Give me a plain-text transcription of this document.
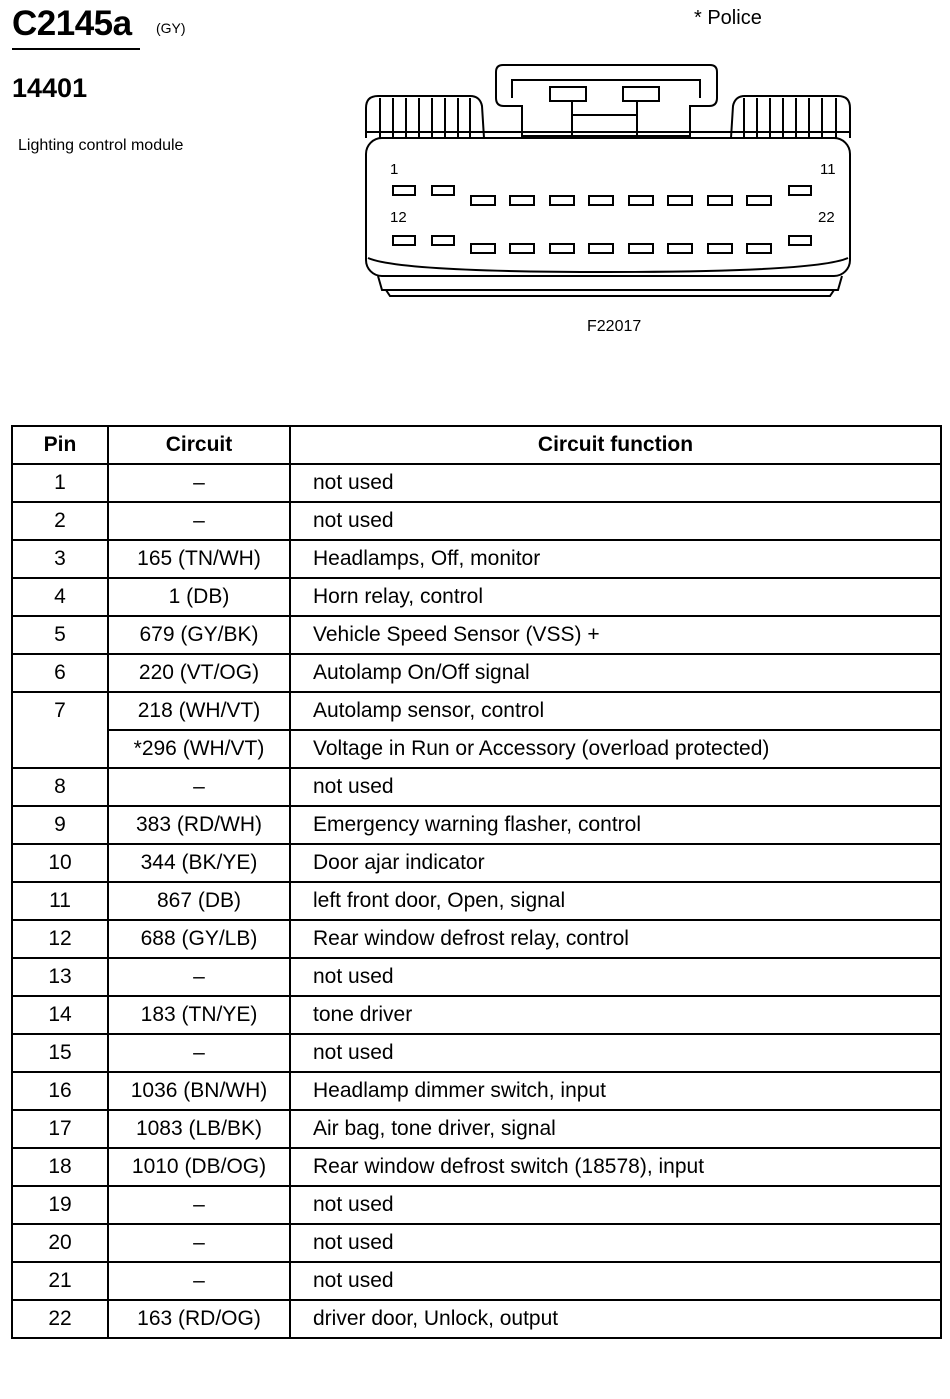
C2145a (GY)
14401
Lighting control module
* Police
1	11
12	22
F22017
Pin	Circuit	Circuit function
1	–	not used
2	–	not used
3	165 (TN/WH)	Headlamps, Off, monitor
4	1 (DB)	Horn relay, control
5	679 (GY/BK)	Vehicle Speed Sensor (VSS) +
6	220 (VT/OG)	Autolamp On/Off signal
7	218 (WH/VT)	Autolamp sensor, control
	*296 (WH/VT)	Voltage in Run or Accessory (overload protected)
8	–	not used
9	383 (RD/WH)	Emergency warning flasher, control
10	344 (BK/YE)	Door ajar indicator
11	867 (DB)	left front door, Open, signal
12	688 (GY/LB)	Rear window defrost relay, control
13	–	not used
14	183 (TN/YE)	tone driver
15	–	not used
16	1036 (BN/WH)	Headlamp dimmer switch, input
17	1083 (LB/BK)	Air bag, tone driver, signal
18	1010 (DB/OG)	Rear window defrost switch (18578), input
19	–	not used
20	–	not used
21	–	not used
22	163 (RD/OG)	driver door, Unlock, output
